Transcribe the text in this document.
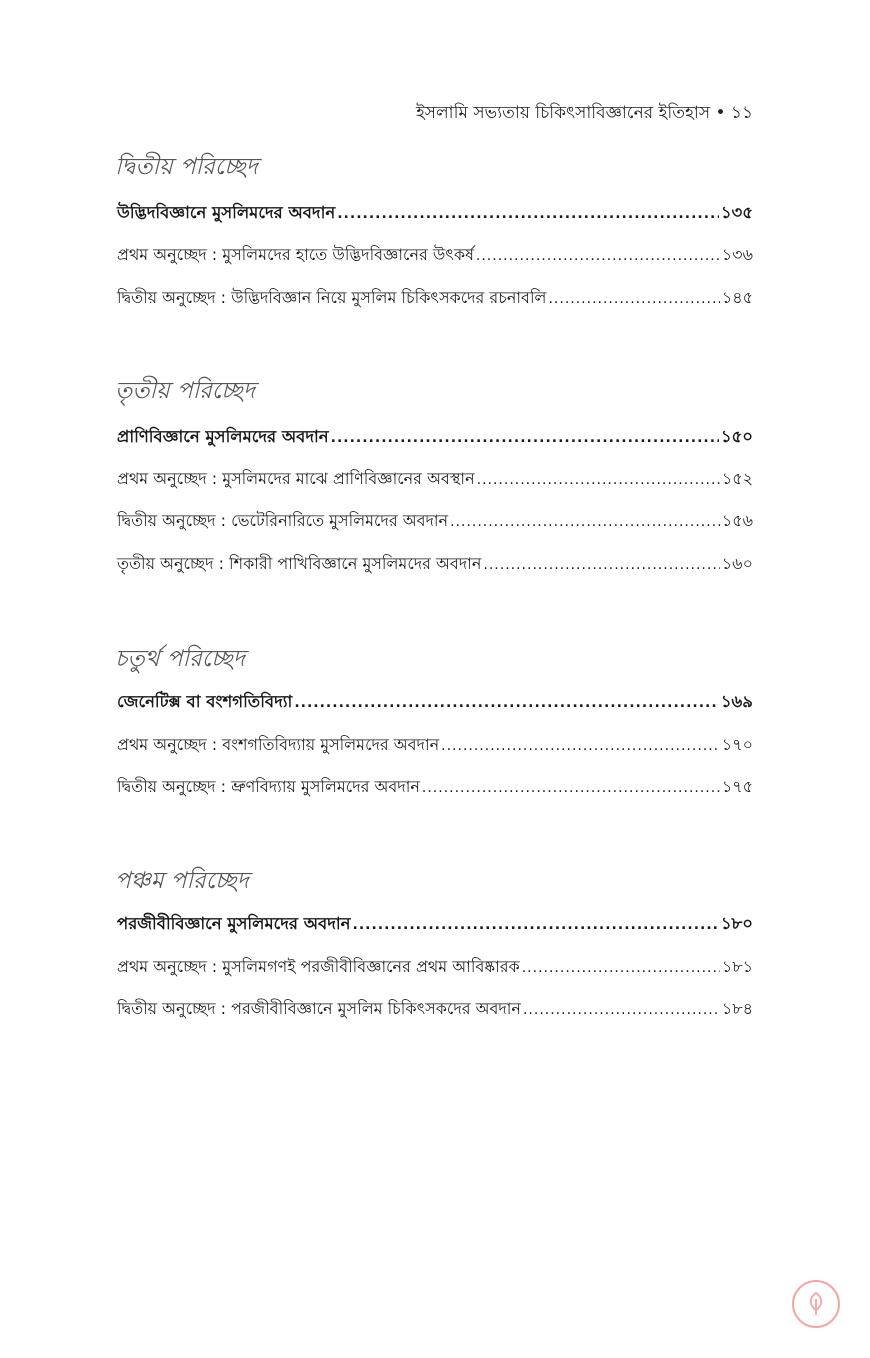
ইসলামি সভ্যতায় চিকিৎসাবিজ্ঞানের ইতিহাস • ১১
দ্বিতীয় পরিচ্ছেদ
উদ্ভিদবিজ্ঞানে মুসলিমদের অবদান .....	১৩৫
প্রথম অনুচ্ছেদ : মুসলিমদের হাতে উদ্ভিদবিজ্ঞানের উৎকর্ষ .....	১৩৬
দ্বিতীয় অনুচ্ছেদ : উদ্ভিদবিজ্ঞান নিয়ে মুসলিম চিকিৎসকদের রচনাবলি .....	১৪৫
তৃতীয় পরিচ্ছেদ
প্রাণিবিজ্ঞানে মুসলিমদের অবদান .....	১৫০
প্রথম অনুচ্ছেদ : মুসলিমদের মাঝে প্রাণিবিজ্ঞানের অবস্থান .....	১৫২
দ্বিতীয় অনুচ্ছেদ : ভেটেরিনারিতে মুসলিমদের অবদান .....	১৫৬
তৃতীয় অনুচ্ছেদ : শিকারী পাখিবিজ্ঞানে মুসলিমদের অবদান .....	১৬০
চতুর্থ পরিচ্ছেদ
জেনেটিক্স বা বংশগতিবিদ্যা .....	১৬৯
প্রথম অনুচ্ছেদ : বংশগতিবিদ্যায় মুসলিমদের অবদান .....	১৭০
দ্বিতীয় অনুচ্ছেদ : ভ্রুণবিদ্যায় মুসলিমদের অবদান .....	১৭৫
পঞ্চম পরিচ্ছেদ
পরজীবীবিজ্ঞানে মুসলিমদের অবদান .....	১৮০
প্রথম অনুচ্ছেদ : মুসলিমগণই পরজীবীবিজ্ঞানের প্রথম আবিষ্কারক .....	১৮১
দ্বিতীয় অনুচ্ছেদ : পরজীবীবিজ্ঞানে মুসলিম চিকিৎসকদের অবদান .....	১৮৪
